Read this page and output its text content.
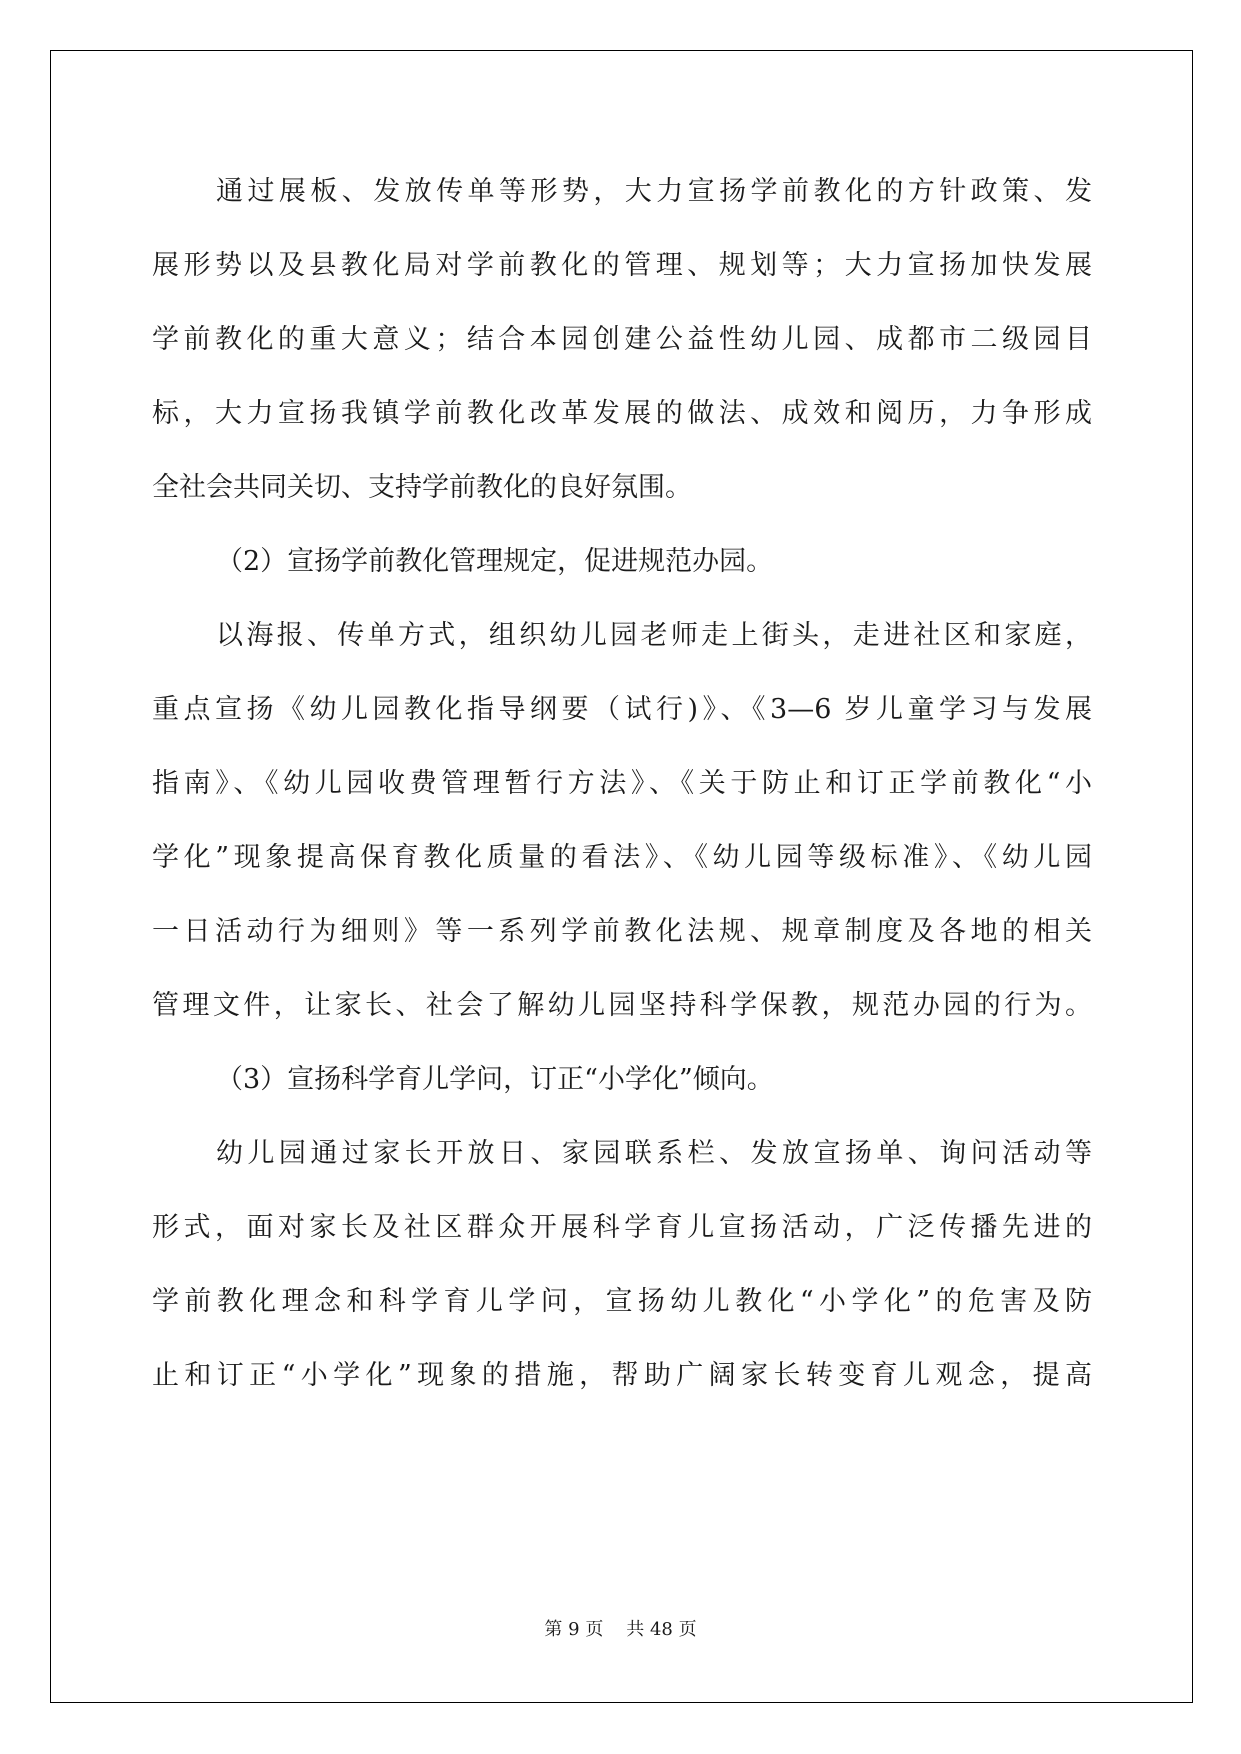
通过展板、发放传单等形势，大力宣扬学前教化的方针政策、发
展形势以及县教化局对学前教化的管理、规划等；大力宣扬加快发展
学前教化的重大意义；结合本园创建公益性幼儿园、成都市二级园目
标，大力宣扬我镇学前教化改革发展的做法、成效和阅历，力争形成
全社会共同关切、支持学前教化的良好氛围。
（2）宣扬学前教化管理规定，促进规范办园。
以海报、传单方式，组织幼儿园老师走上街头，走进社区和家庭，
重点宣扬《幼儿园教化指导纲要（试行)》、《3—6 岁儿童学习与发展
指南》、《幼儿园收费管理暂行方法》、《关于防止和订正学前教化“小
学化”现象提高保育教化质量的看法》、《幼儿园等级标准》、《幼儿园
一日活动行为细则》等一系列学前教化法规、规章制度及各地的相关
管理文件，让家长、社会了解幼儿园坚持科学保教，规范办园的行为。
（3）宣扬科学育儿学问，订正“小学化”倾向。
幼儿园通过家长开放日、家园联系栏、发放宣扬单、询问活动等
形式，面对家长及社区群众开展科学育儿宣扬活动，广泛传播先进的
学前教化理念和科学育儿学问，宣扬幼儿教化“小学化”的危害及防
止和订正“小学化”现象的措施，帮助广阔家长转变育儿观念，提高
第 9 页 共 48 页
